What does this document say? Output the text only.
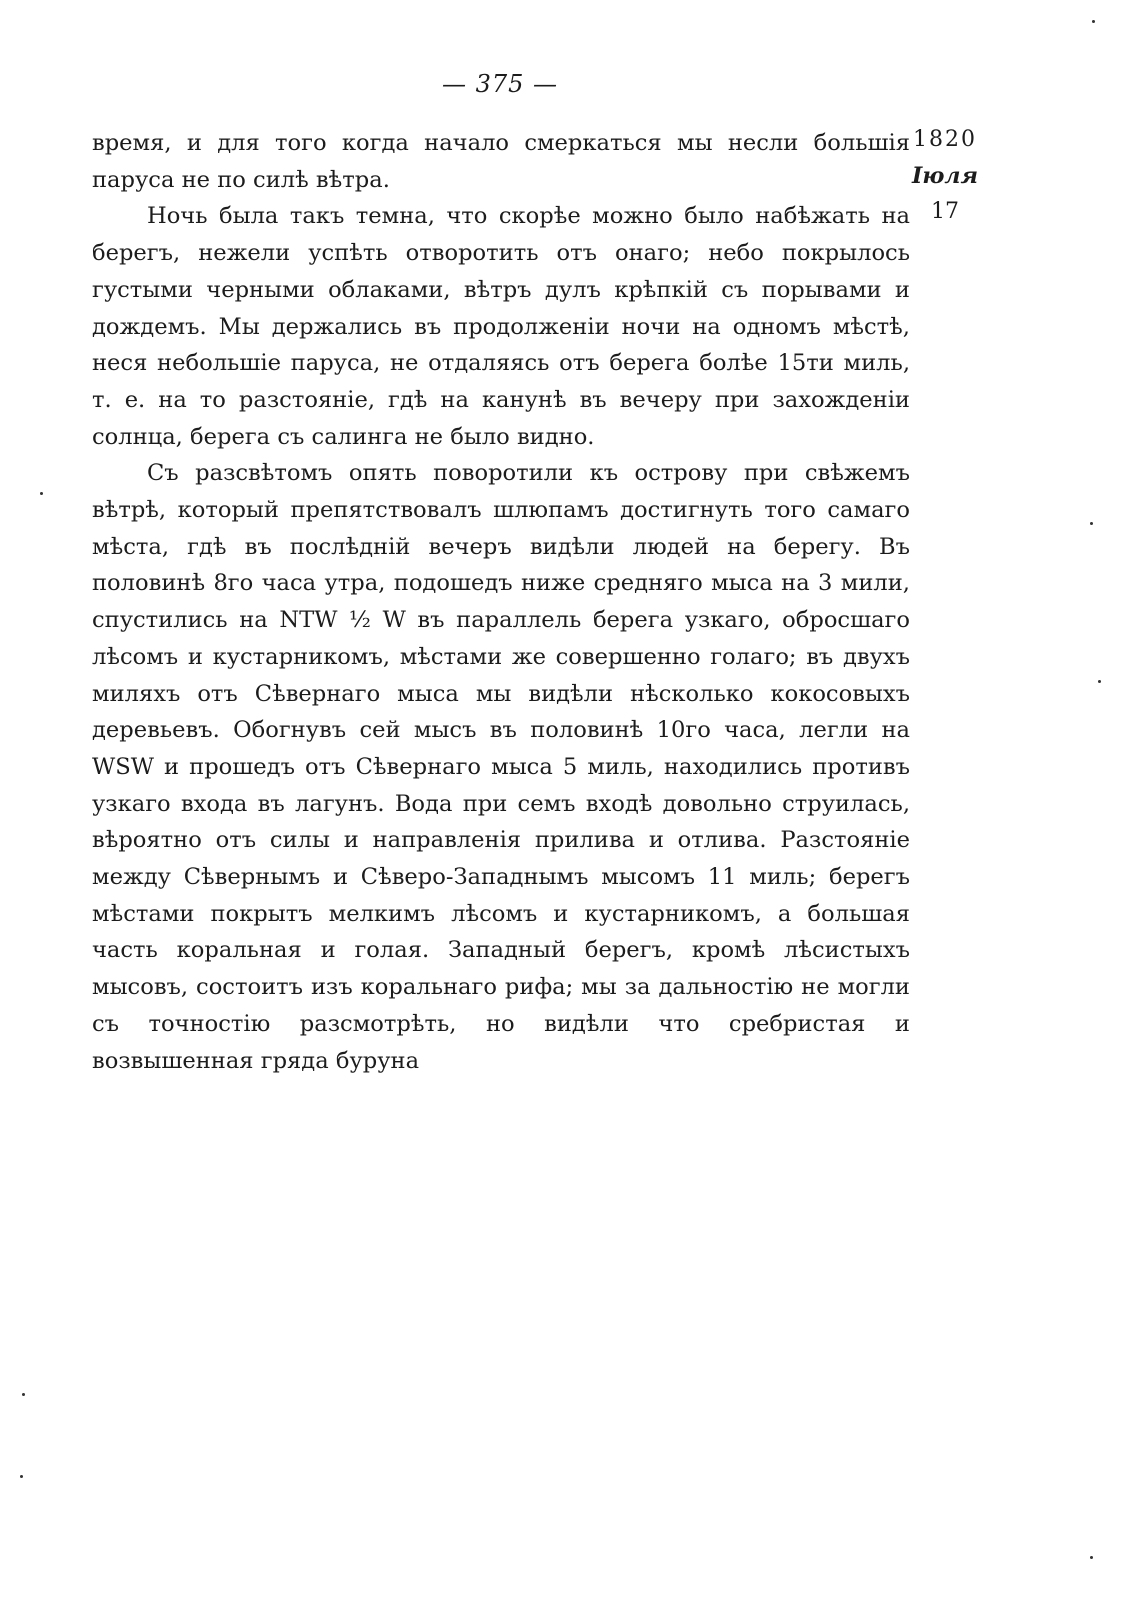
— 375 —
1820
Іюля
17

время, и для того когда начало смеркаться мы несли большія паруса не по силѣ вѣтра.

Ночь была такъ темна, что скорѣе можно было набѣжать на берегъ, нежели успѣть отворотить отъ онаго; небо покрылось густыми черными облаками, вѣтръ дулъ крѣпкій съ порывами и дождемъ. Мы держались въ продолженіи ночи на одномъ мѣстѣ, неся небольшіе паруса, не отдаляясь отъ берега болѣе 15ти миль, т. е. на то разстояніе, гдѣ на канунѣ въ вечеру при захожденіи солнца, берега съ салинга не было видно.

Съ разсвѣтомъ опять поворотили къ острову при свѣжемъ вѣтрѣ, который препятствовалъ шлюпамъ достигнуть того самаго мѣста, гдѣ въ послѣдній вечеръ видѣли людей на берегу. Въ половинѣ 8го часа утра, подошедъ ниже средняго мыса на 3 мили, спустились на NTW ½ W въ параллель берега узкаго, обросшаго лѣсомъ и кустарникомъ, мѣстами же совершенно голаго; въ двухъ миляхъ отъ Сѣвернаго мыса мы видѣли нѣсколько кокосовыхъ деревьевъ. Обогнувъ сей мысъ въ половинѣ 10го часа, легли на WSW и прошедъ отъ Сѣвернаго мыса 5 миль, находились противъ узкаго входа въ лагунъ. Вода при семъ входѣ довольно струилась, вѣроятно отъ силы и направленія прилива и отлива. Разстояніе между Сѣвернымъ и Сѣверо-Западнымъ мысомъ 11 миль; берегъ мѣстами покрытъ мелкимъ лѣсомъ и кустарникомъ, а большая часть коральная и голая. Западный берегъ, кромѣ лѣсистыхъ мысовъ, состоитъ изъ коральнаго рифа; мы за дальностію не могли съ точностію разсмотрѣть, но видѣли что сребристая и возвышенная гряда буруна
